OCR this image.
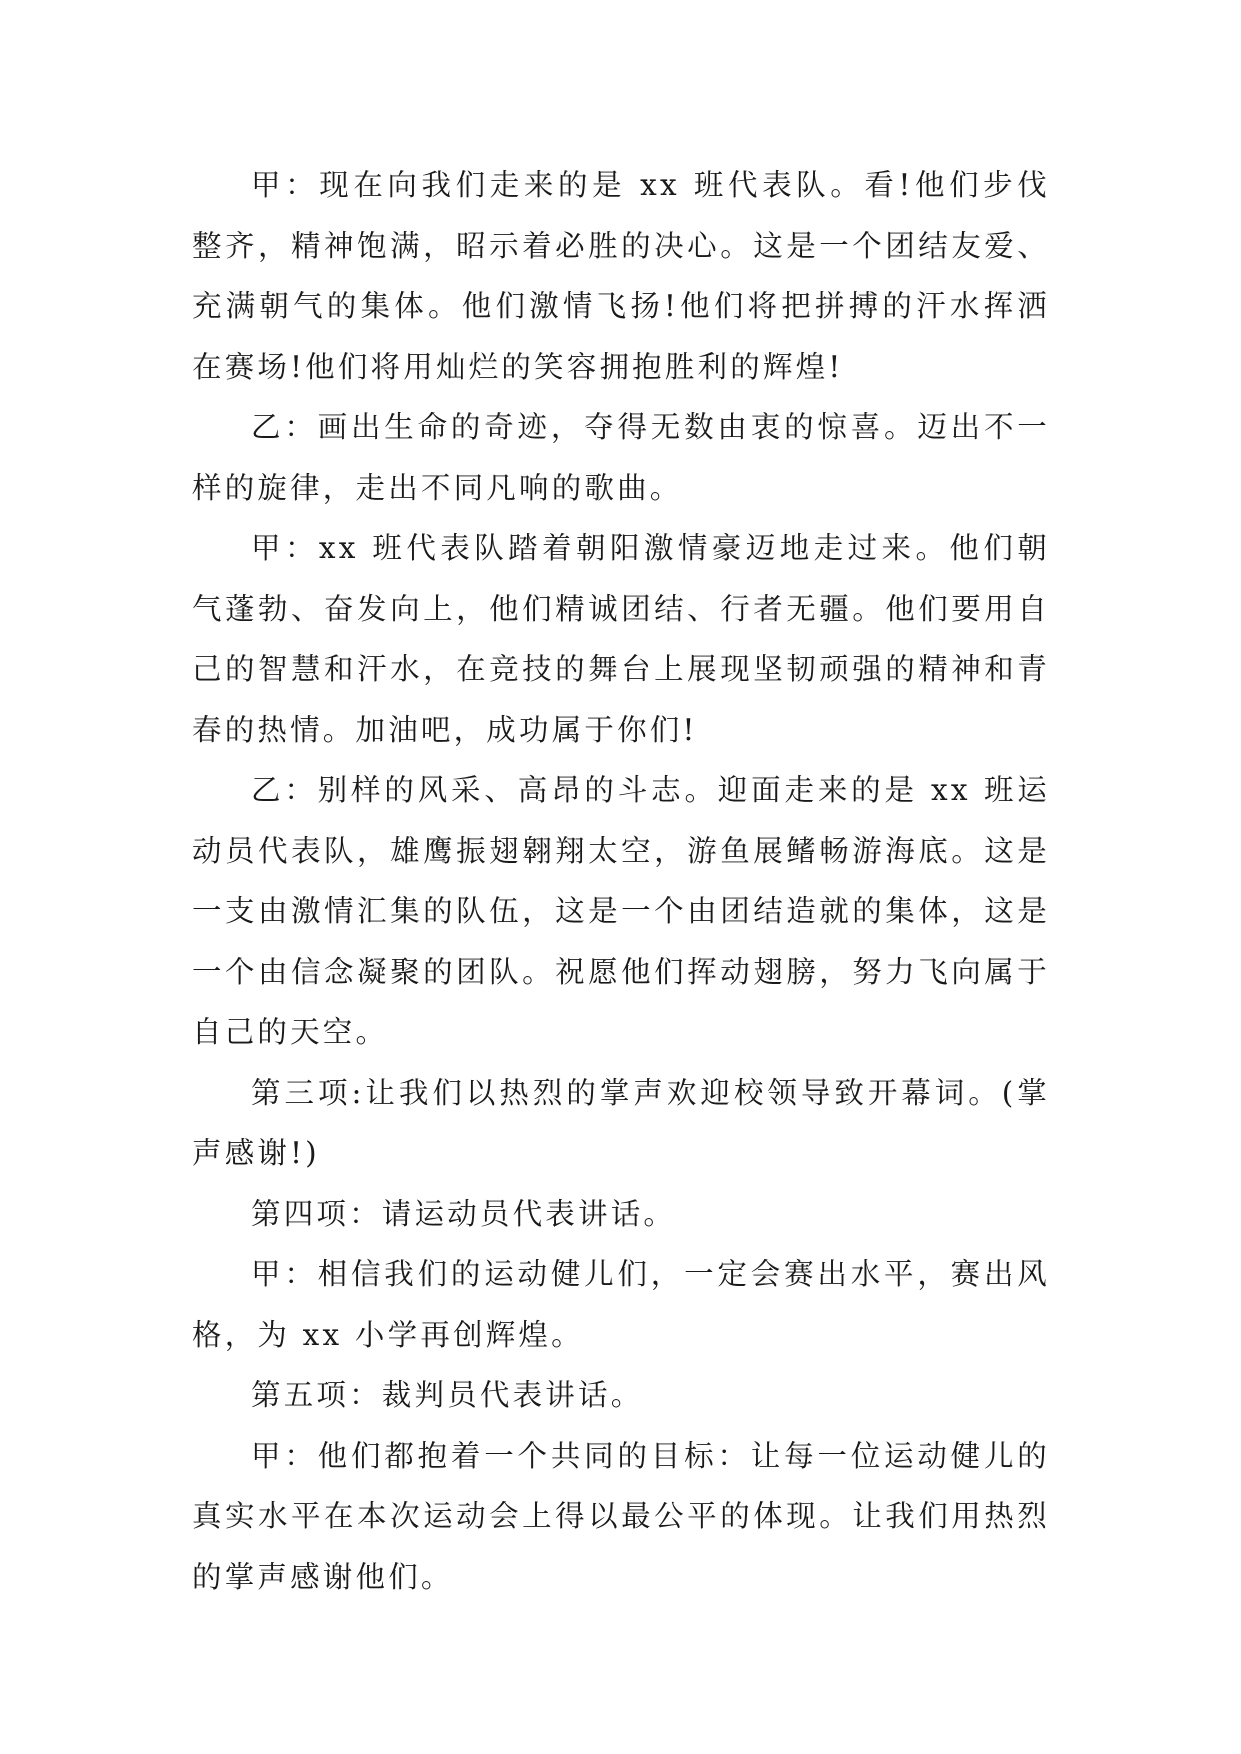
甲：现在向我们走来的是 xx 班代表队。看!他们步伐整齐，精神饱满，昭示着必胜的决心。这是一个团结友爱、充满朝气的集体。他们激情飞扬!他们将把拼搏的汗水挥洒在赛场!他们将用灿烂的笑容拥抱胜利的辉煌!

乙：画出生命的奇迹，夺得无数由衷的惊喜。迈出不一样的旋律，走出不同凡响的歌曲。

甲：xx 班代表队踏着朝阳激情豪迈地走过来。他们朝气蓬勃、奋发向上，他们精诚团结、行者无疆。他们要用自己的智慧和汗水，在竞技的舞台上展现坚韧顽强的精神和青春的热情。加油吧，成功属于你们!

乙：别样的风采、高昂的斗志。迎面走来的是 xx 班运动员代表队，雄鹰振翅翱翔太空，游鱼展鳍畅游海底。这是一支由激情汇集的队伍，这是一个由团结造就的集体，这是一个由信念凝聚的团队。祝愿他们挥动翅膀，努力飞向属于自己的天空。

第三项:让我们以热烈的掌声欢迎校领导致开幕词。(掌声感谢!)

第四项：请运动员代表讲话。

甲：相信我们的运动健儿们，一定会赛出水平，赛出风格，为 xx 小学再创辉煌。

第五项：裁判员代表讲话。

甲：他们都抱着一个共同的目标：让每一位运动健儿的真实水平在本次运动会上得以最公平的体现。让我们用热烈的掌声感谢他们。
